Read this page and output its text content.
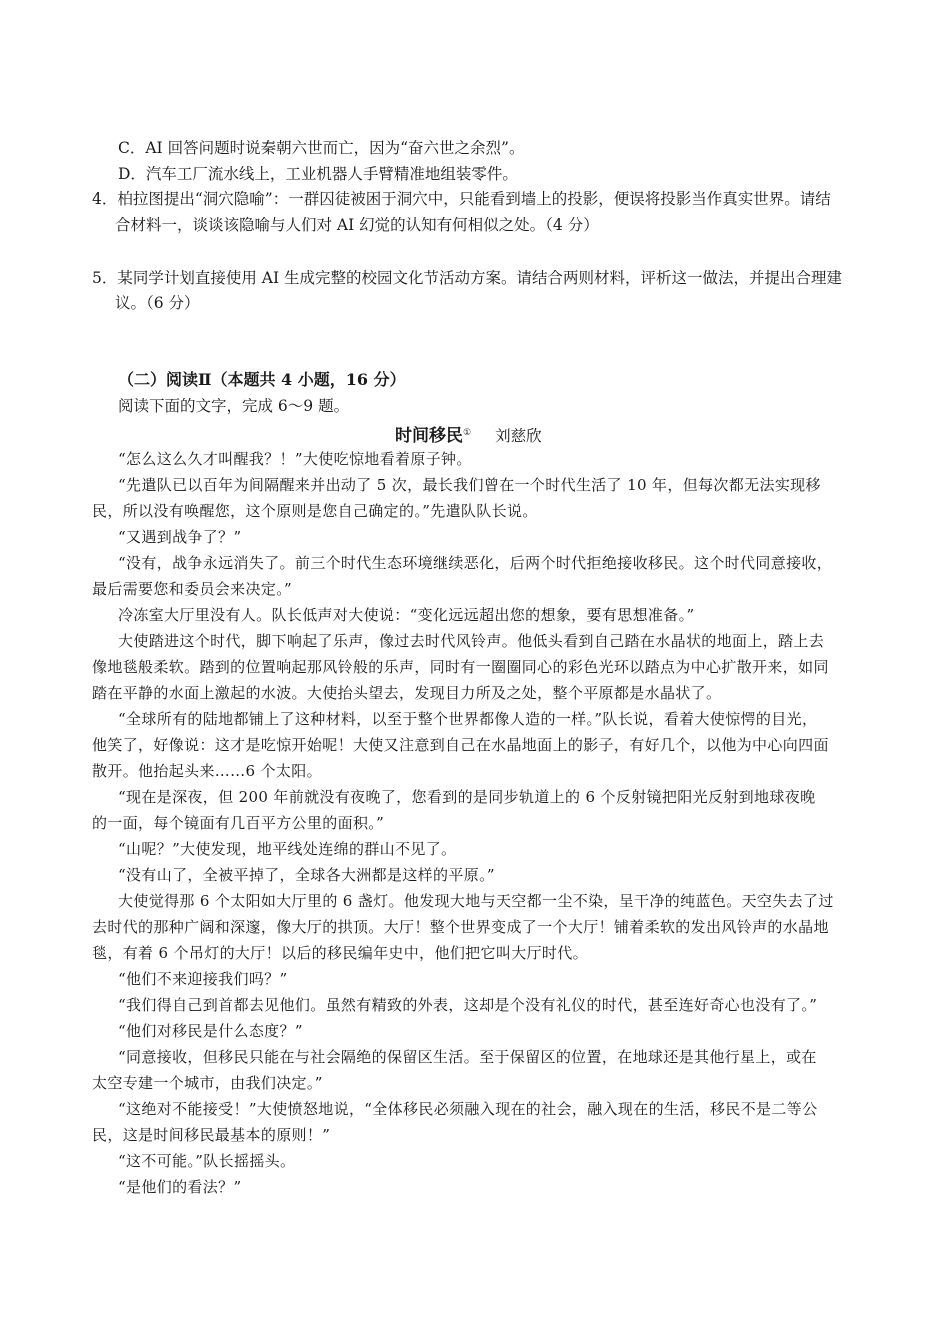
C．AI 回答问题时说秦朝六世而亡，因为“奋六世之余烈”。
D．汽车工厂流水线上，工业机器人手臂精准地组装零件。
4．柏拉图提出“洞穴隐喻”：一群囚徒被困于洞穴中，只能看到墙上的投影，便误将投影当作真实世界。请结
合材料一，谈谈该隐喻与人们对 AI 幻觉的认知有何相似之处。（4 分）
5．某同学计划直接使用 AI 生成完整的校园文化节活动方案。请结合两则材料，评析这一做法，并提出合理建
议。（6 分）
（二）阅读Ⅱ（本题共 4 小题，16 分）
阅读下面的文字，完成 6～9 题。
时间移民① 刘慈欣
“怎么这么久才叫醒我？！”大使吃惊地看着原子钟。
“先遣队已以百年为间隔醒来并出动了 5 次，最长我们曾在一个时代生活了 10 年，但每次都无法实现移
民，所以没有唤醒您，这个原则是您自己确定的。”先遣队队长说。
“又遇到战争了？”
“没有，战争永远消失了。前三个时代生态环境继续恶化，后两个时代拒绝接收移民。这个时代同意接收，
最后需要您和委员会来决定。”
冷冻室大厅里没有人。队长低声对大使说：“变化远远超出您的想象，要有思想准备。”
大使踏进这个时代，脚下响起了乐声，像过去时代风铃声。他低头看到自己踏在水晶状的地面上，踏上去
像地毯般柔软。踏到的位置响起那风铃般的乐声，同时有一圈圈同心的彩色光环以踏点为中心扩散开来，如同
踏在平静的水面上激起的水波。大使抬头望去，发现目力所及之处，整个平原都是水晶状了。
“全球所有的陆地都铺上了这种材料，以至于整个世界都像人造的一样。”队长说，看着大使惊愕的目光，
他笑了，好像说：这才是吃惊开始呢！大使又注意到自己在水晶地面上的影子，有好几个，以他为中心向四面
散开。他抬起头来……6 个太阳。
“现在是深夜，但 200 年前就没有夜晚了，您看到的是同步轨道上的 6 个反射镜把阳光反射到地球夜晚
的一面，每个镜面有几百平方公里的面积。”
“山呢？”大使发现，地平线处连绵的群山不见了。
“没有山了，全被平掉了，全球各大洲都是这样的平原。”
大使觉得那 6 个太阳如大厅里的 6 盏灯。他发现大地与天空都一尘不染，呈干净的纯蓝色。天空失去了过
去时代的那种广阔和深邃，像大厅的拱顶。大厅！整个世界变成了一个大厅！铺着柔软的发出风铃声的水晶地
毯，有着 6 个吊灯的大厅！以后的移民编年史中，他们把它叫大厅时代。
“他们不来迎接我们吗？”
“我们得自己到首都去见他们。虽然有精致的外表，这却是个没有礼仪的时代，甚至连好奇心也没有了。”
“他们对移民是什么态度？”
“同意接收，但移民只能在与社会隔绝的保留区生活。至于保留区的位置，在地球还是其他行星上，或在
太空专建一个城市，由我们决定。”
“这绝对不能接受！”大使愤怒地说，“全体移民必须融入现在的社会，融入现在的生活，移民不是二等公
民，这是时间移民最基本的原则！”
“这不可能。”队长摇摇头。
“是他们的看法？”
